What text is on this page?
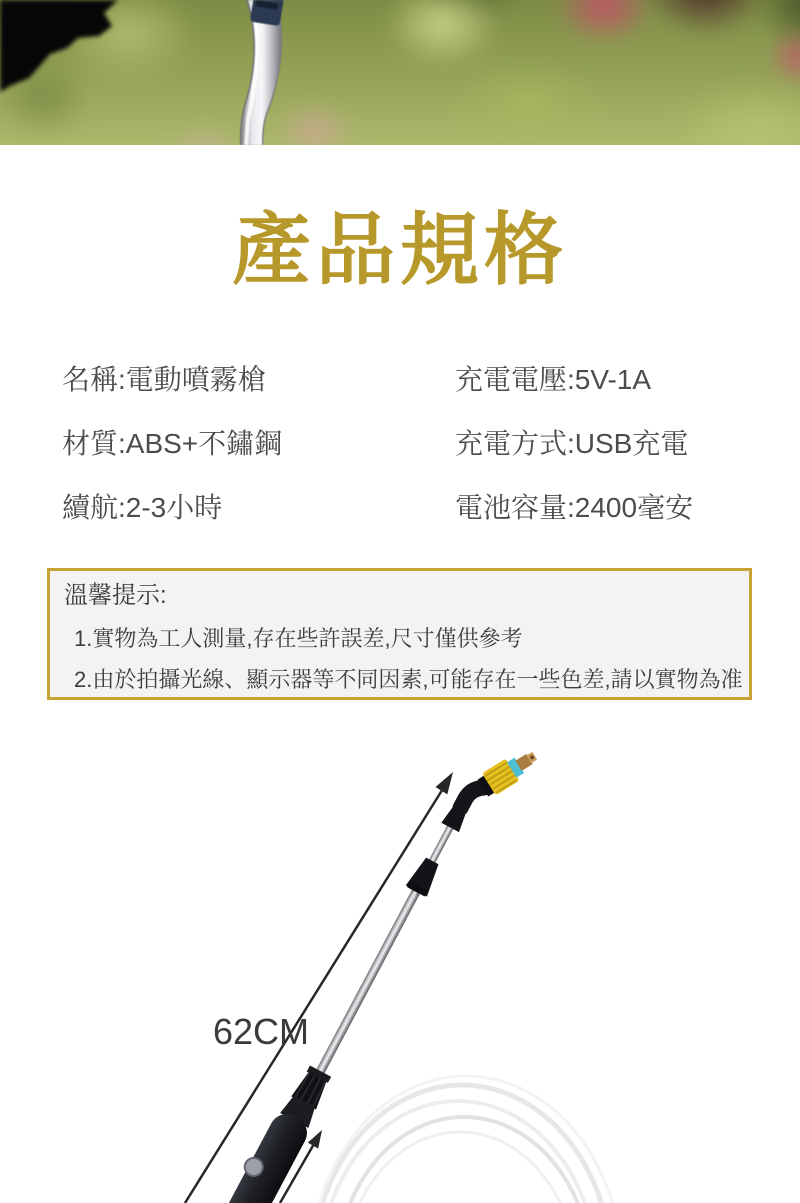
產品規格
名稱:電動噴霧槍
材質:ABS+不鏽鋼
續航:2-3小時
充電電壓:5V-1A
充電方式:USB充電
電池容量:2400毫安
溫馨提示:
1.實物為工人測量,存在些許誤差,尺寸僅供參考
2.由於拍攝光線、顯示器等不同因素,可能存在一些色差,請以實物為准
62CM
